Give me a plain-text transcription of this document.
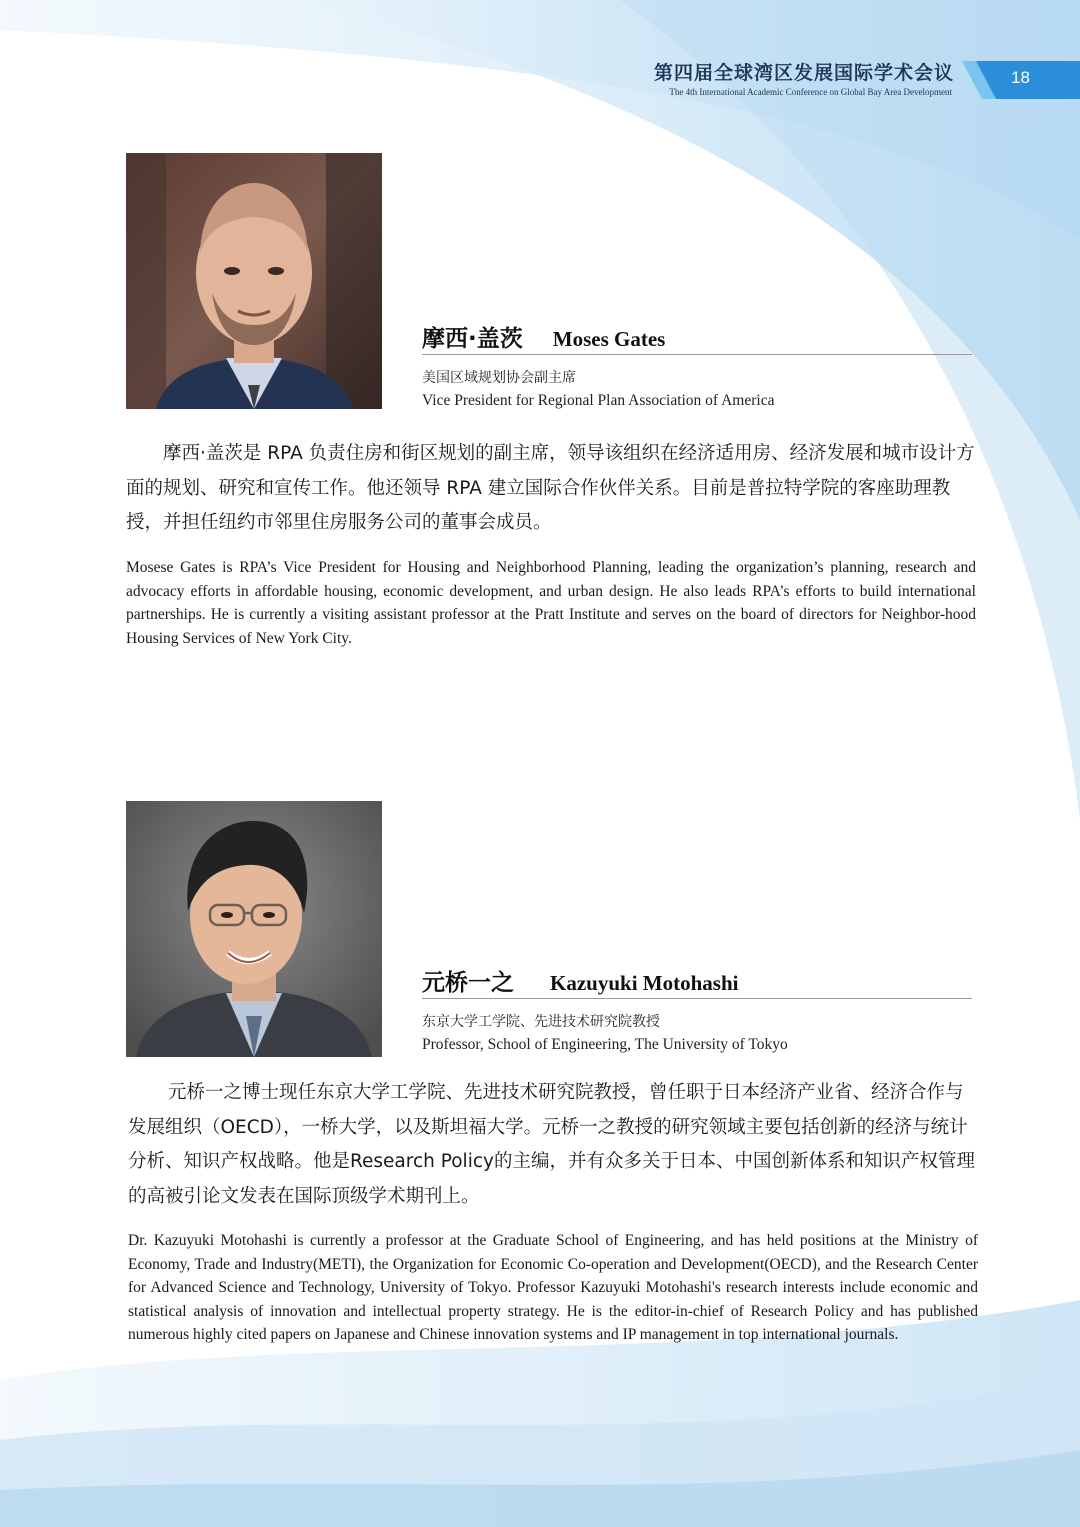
第四届全球湾区发展国际学术会议
The 4th International Academic Conference on Global Bay Area Development
18
摩西·盖茨 Moses Gates
美国区域规划协会副主席
Vice President for Regional Plan Association of America

摩西·盖茨是 RPA 负责住房和街区规划的副主席，领导该组织在经济适用房、经济发展和城市设计方面的规划、研究和宣传工作。他还领导 RPA 建立国际合作伙伴关系。目前是普拉特学院的客座助理教授，并担任纽约市邻里住房服务公司的董事会成员。

Mosese Gates is RPA’s Vice President for Housing and Neighborhood Planning, leading the organization’s planning, research and advocacy efforts in affordable housing, economic development, and urban design. He also leads RPA’s efforts to build international partnerships. He is currently a visiting assistant professor at the Pratt Institute and serves on the board of directors for Neighbor-hood Housing Services of New York City.

元桥一之 Kazuyuki Motohashi
东京大学工学院、先进技术研究院教授
Professor, School of Engineering, The University of Tokyo

元桥一之博士现任东京大学工学院、先进技术研究院教授，曾任职于日本经济产业省、经济合作与发展组织（OECD），一桥大学，以及斯坦福大学。元桥一之教授的研究领域主要包括创新的经济与统计分析、知识产权战略。他是Research Policy的主编，并有众多关于日本、中国创新体系和知识产权管理的高被引论文发表在国际顶级学术期刊上。

Dr. Kazuyuki Motohashi is currently a professor at the Graduate School of Engineering, and has held positions at the Ministry of Economy, Trade and Industry(METI), the Organization for Economic Co-operation and Development(OECD), and the Research Center for Advanced Science and Technology, University of Tokyo. Professor Kazuyuki Motohashi's research interests include economic and statistical analysis of innovation and intellectual property strategy. He is the editor-in-chief of Research Policy and has published numerous highly cited papers on Japanese and Chinese innovation systems and IP management in top international journals.
